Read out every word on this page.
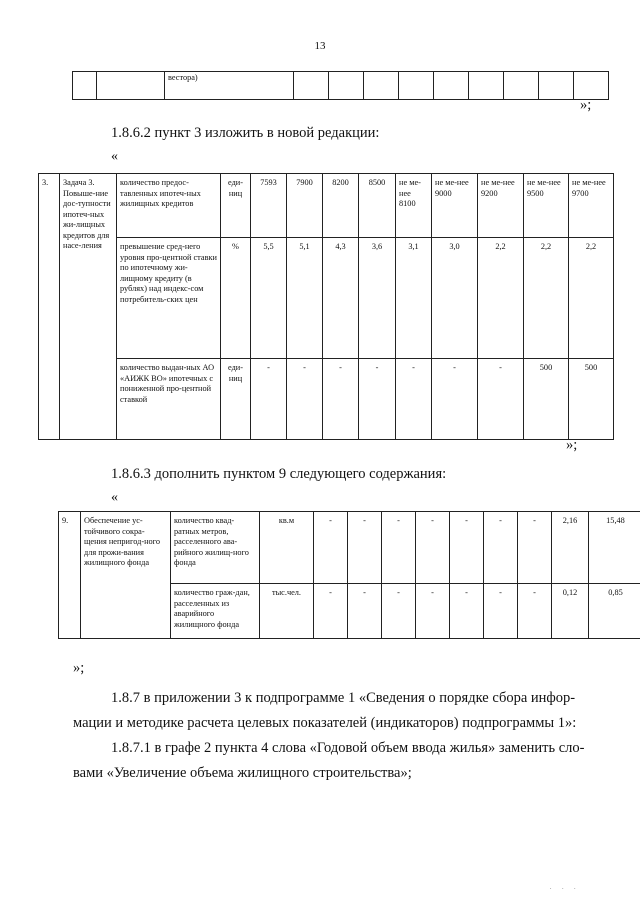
13
		вестора)									
»;
1.8.6.2 пункт 3 изложить в новой редакции:
«
3.	Задача 3. Повыше-ние дос-тупности ипотеч-ных жи-лищных кредитов для насе-ления	количество предос-тавленных ипотеч-ных жилищных кредитов	еди-ниц	7593	7900	8200	8500	не ме-нее 8100	не ме-нее 9000	не ме-нее 9200	не ме-нее 9500	не ме-нее 9700
		превышение сред-него уровня про-центной ставки по ипотечному жи-лищному кредиту (в рублях) над индекс-сом потребитель-ских цен	%	5,5	5,1	4,3	3,6	3,1	3,0	2,2	2,2	2,2
		количество выдан-ных АО «АИЖК ВО» ипотечных с пониженной про-центной ставкой	еди-ниц	-	-	-	-	-	-	-	500	500
»;
1.8.6.3 дополнить пунктом 9 следующего содержания:
«
9.	Обеспечение ус-тойчивого сокра-щения непригод-ного для прожи-вания жилищного фонда	количество квад-ратных метров, расселенного ава-рийного жилищ-ного фонда	кв.м	-	-	-	-	-	-	-	2,16	15,48
		количество граж-дан, расселенных из аварийного жилищного фонда	тыс.чел.	-	-	-	-	-	-	-	0,12	0,85
»;
1.8.7 в приложении 3 к подпрограмме 1 «Сведения о порядке сбора инфор-
мации и методике расчета целевых показателей (индикаторов) подпрограммы 1»:
1.8.7.1 в графе 2 пункта 4 слова «Годовой объем ввода жилья» заменить сло-
вами «Увеличение объема жилищного строительства»;
· · ·
